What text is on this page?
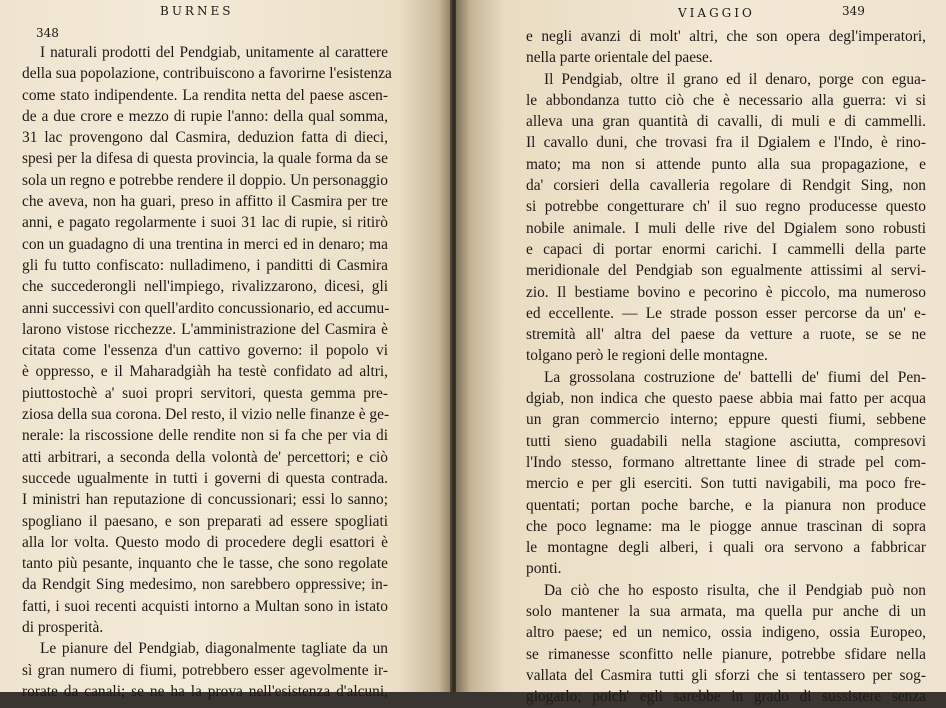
348
BURNES
I naturali prodotti del Pendgiab, unitamente al carattere
della sua popolazione, contribuiscono a favorirne l'esistenza
come stato indipendente. La rendita netta del paese ascen-
de a due crore e mezzo di rupie l'anno: della qual somma,
31 lac provengono dal Casmira, deduzion fatta di dieci,
spesi per la difesa di questa provincia, la quale forma da se
sola un regno e potrebbe rendere il doppio. Un personaggio
che aveva, non ha guari, preso in affitto il Casmira per tre
anni, e pagato regolarmente i suoi 31 lac di rupie, si ritirò
con un guadagno di una trentina in merci ed in denaro; ma
gli fu tutto confiscato: nulladimeno, i panditti di Casmira
che succederongli nell'impiego, rivalizzarono, dicesi, gli
anni successivi con quell'ardito concussionario, ed accumu-
larono vistose ricchezze. L'amministrazione del Casmira è
citata come l'essenza d'un cattivo governo: il popolo vi
è oppresso, e il Maharadgiàh ha testè confidato ad altri,
piuttostochè a' suoi propri servitori, questa gemma pre-
ziosa della sua corona. Del resto, il vizio nelle finanze è ge-
nerale: la riscossione delle rendite non si fa che per via di
atti arbitrari, a seconda della volontà de' percettori; e ciò
succede ugualmente in tutti i governi di questa contrada.
I ministri han reputazione di concussionari; essi lo sanno;
spogliano il paesano, e son preparati ad essere spogliati
alla lor volta. Questo modo di procedere degli esattori è
tanto più pesante, inquanto che le tasse, che sono regolate
da Rendgit Sing medesimo, non sarebbero oppressive; in-
fatti, i suoi recenti acquisti intorno a Multan sono in istato
di prosperità.
Le pianure del Pendgiab, diagonalmente tagliate da un
sì gran numero di fiumi, potrebbero esser agevolmente ir-
rorate da canali; se ne ha la prova nell'esistenza d'alcuni,
VIAGGIO	349
e negli avanzi di molt' altri, che son opera degl'imperatori,
nella parte orientale del paese.
Il Pendgiab, oltre il grano ed il denaro, porge con egua-
le abbondanza tutto ciò che è necessario alla guerra: vi si
alleva una gran quantità di cavalli, di muli e di cammelli.
Il cavallo duni, che trovasi fra il Dgialem e l'Indo, è rino-
mato; ma non si attende punto alla sua propagazione, e
da' corsieri della cavalleria regolare di Rendgit Sing, non
si potrebbe congetturare ch' il suo regno producesse questo
nobile animale. I muli delle rive del Dgialem sono robusti
e capaci di portar enormi carichi. I cammelli della parte
meridionale del Pendgiab son egualmente attissimi al servi-
zio. Il bestiame bovino e pecorino è piccolo, ma numeroso
ed eccellente. — Le strade posson esser percorse da un' e-
stremità all' altra del paese da vetture a ruote, se se ne
tolgano però le regioni delle montagne.
La grossolana costruzione de' battelli de' fiumi del Pen-
dgiab, non indica che questo paese abbia mai fatto per acqua
un gran commercio interno; eppure questi fiumi, sebbene
tutti sieno guadabili nella stagione asciutta, compresovi
l'Indo stesso, formano altrettante linee di strade pel com-
mercio e per gli eserciti. Son tutti navigabili, ma poco fre-
quentati; portan poche barche, e la pianura non produce
che poco legname: ma le piogge annue trascinan di sopra
le montagne degli alberi, i quali ora servono a fabbricar
ponti.
Da ciò che ho esposto risulta, che il Pendgiab può non
solo mantener la sua armata, ma quella pur anche di un
altro paese; ed un nemico, ossia indigeno, ossia Europeo,
se rimanesse sconfitto nelle pianure, potrebbe sfidare nella
vallata del Casmira tutti gli sforzi che si tentassero per sog-
giogarlo; poich' egli sarebbe in grado di sussistere senza
